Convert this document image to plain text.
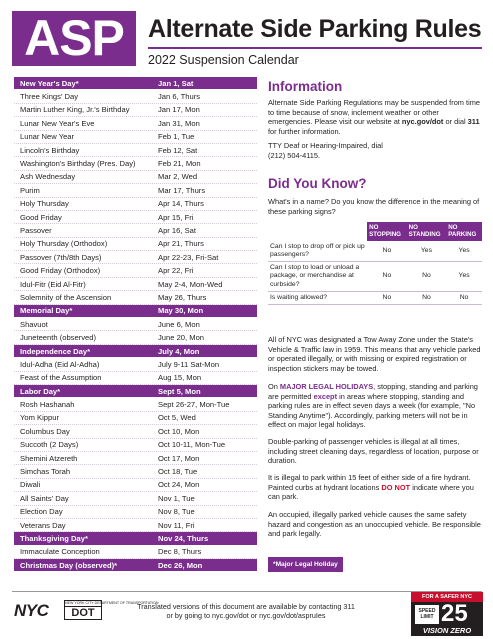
ASP Alternate Side Parking Rules
2022 Suspension Calendar
New Year's Day*	Jan 1, Sat
Three Kings' Day	Jan 6, Thurs
Martin Luther King, Jr.'s Birthday	Jan 17, Mon
Lunar New Year's Eve	Jan 31, Mon
Lunar New Year	Feb 1, Tue
Lincoln's Birthday	Feb 12, Sat
Washington's Birthday (Pres. Day)	Feb 21, Mon
Ash Wednesday	Mar 2, Wed
Purim	Mar 17, Thurs
Holy Thursday	Apr 14, Thurs
Good Friday	Apr 15, Fri
Passover	Apr 16, Sat
Holy Thursday (Orthodox)	Apr 21, Thurs
Passover (7th/8th Days)	Apr 22-23, Fri-Sat
Good Friday (Orthodox)	Apr 22, Fri
Idul-Fitr (Eid Al-Fitr)	May 2-4, Mon-Wed
Solemnity of the Ascension	May 26, Thurs
Memorial Day*	May 30, Mon
Shavuot	June 6, Mon
Juneteenth (observed)	June 20, Mon
Independence Day*	July 4, Mon
Idul-Adha (Eid Al-Adha)	July 9-11 Sat-Mon
Feast of the Assumption	Aug 15, Mon
Labor Day*	Sept 5, Mon
Rosh Hashanah	Sept 26-27, Mon-Tue
Yom Kippur	Oct 5, Wed
Columbus Day	Oct 10, Mon
Succoth (2 Days)	Oct 10-11, Mon-Tue
Shemini Atzereth	Oct 17, Mon
Simchas Torah	Oct 18, Tue
Diwali	Oct 24, Mon
All Saints' Day	Nov 1, Tue
Election Day	Nov 8, Tue
Veterans Day	Nov 11, Fri
Thanksgiving Day*	Nov 24, Thurs
Immaculate Conception	Dec 8, Thurs
Christmas Day (observed)*	Dec 26, Mon
Information
Alternate Side Parking Regulations may be suspended from time to time because of snow, inclement weather or other emergencies. Please visit our website at nyc.gov/dot or dial 311 for further information.
TTY Deaf or Hearing-Impaired, dial
(212) 504-4115.
Did You Know?
What's in a name? Do you know the difference in the meaning of these parking signs?
	NO STOPPING	NO STANDING	NO PARKING
Can I stop to drop off or pick up passengers?	No	Yes	Yes
Can I stop to load or unload a package, or merchandise at curbside?	No	No	Yes
Is waiting allowed?	No	No	No
All of NYC was designated a Tow Away Zone under the State's Vehicle & Traffic law in 1959. This means that any vehicle parked or operated illegally, or with missing or expired registration or inspection stickers may be towed.
On MAJOR LEGAL HOLIDAYS, stopping, standing and parking are permitted except in areas where stopping, standing and parking rules are in effect seven days a week (for example, "No Standing Anytime"). Accordingly, parking meters will not be in effect on major legal holidays.
Double-parking of passenger vehicles is illegal at all times, including street cleaning days, regardless of location, purpose or duration.
It is illegal to park within 15 feet of either side of a fire hydrant. Painted curbs at hydrant locations DO NOT indicate where you can park.
An occupied, illegally parked vehicle causes the same safety hazard and congestion as an unoccupied vehicle. Be responsible and park legally.
*Major Legal Holiday
NYC	NEW YORK CITY DEPARTMENT OF TRANSPORTATION
DOT
Translated versions of this document are available by contacting 311
or by going to nyc.gov/dot or nyc.gov/dot/aspruIes
FOR A SAFER NYC
SPEED LIMIT 25
VISION ZERO
